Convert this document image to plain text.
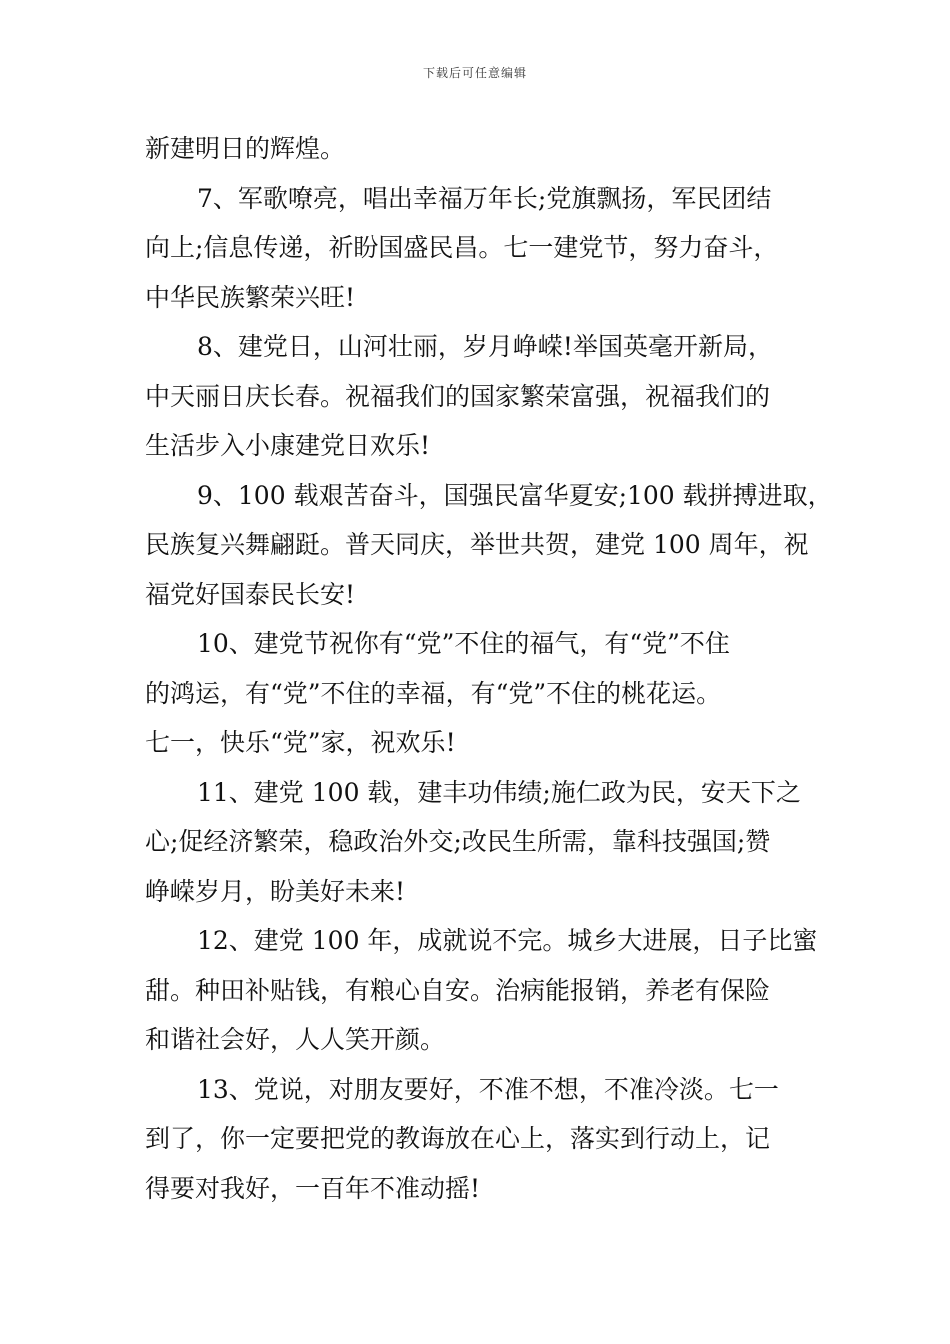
下载后可任意编辑
新建明日的辉煌。
7、军歌嘹亮，唱出幸福万年长;党旗飘扬，军民团结
向上;信息传递，祈盼国盛民昌。七一建党节，努力奋斗，
中华民族繁荣兴旺!
8、建党日，山河壮丽，岁月峥嵘!举国英毫开新局，
中天丽日庆长春。祝福我们的国家繁荣富强，祝福我们的
生活步入小康建党日欢乐!
9、100 载艰苦奋斗，国强民富华夏安;100 载拼搏进取，
民族复兴舞翩跹。普天同庆，举世共贺，建党 100 周年，祝
福党好国泰民长安!
10、建党节祝你有“党”不住的福气，有“党”不住
的鸿运，有“党”不住的幸福，有“党”不住的桃花运。
七一，快乐“党”家，祝欢乐!
11、建党 100 载，建丰功伟绩;施仁政为民，安天下之
心;促经济繁荣，稳政治外交;改民生所需，靠科技强国;赞
峥嵘岁月，盼美好未来!
12、建党 100 年，成就说不完。城乡大进展，日子比蜜
甜。种田补贴钱，有粮心自安。治病能报销，养老有保险
和谐社会好，人人笑开颜。
13、党说，对朋友要好，不准不想，不准冷淡。七一
到了，你一定要把党的教诲放在心上，落实到行动上，记
得要对我好，一百年不准动摇!
